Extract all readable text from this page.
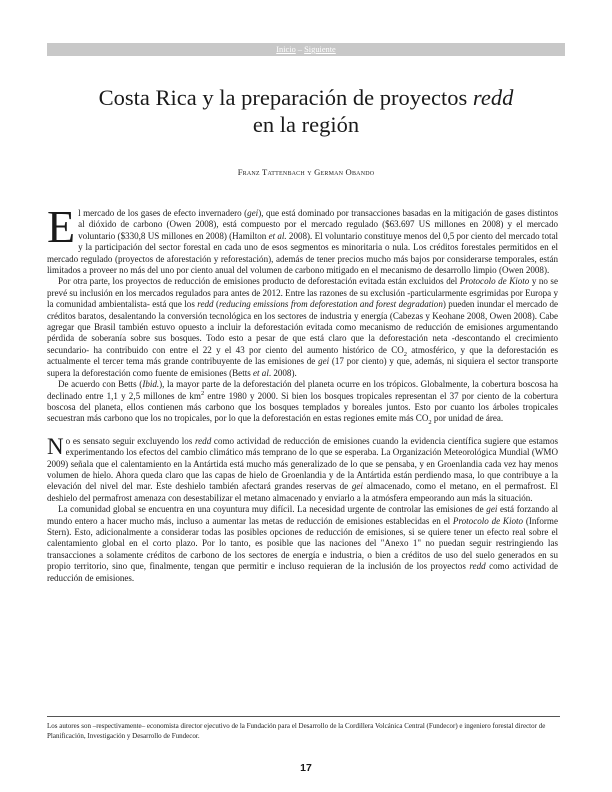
Inicio – Siguiente
Costa Rica y la preparación de proyectos redd
en la región
Franz Tattenbach y German Obando

El mercado de los gases de efecto invernadero (gei), que está dominado por transacciones basadas en la mitigación de gases distintos al dióxido de carbono (Owen 2008), está compuesto por el mercado regulado ($63.697 US millones en 2008) y el mercado voluntario ($330,8 US millones en 2008) (Hamilton et al. 2008). El voluntario constituye menos del 0,5 por ciento del mercado total y la participación del sector forestal en cada uno de esos segmentos es minoritaria o nula. Los créditos forestales permitidos en el mercado regulado (proyectos de aforestación y reforestación), además de tener precios mucho más bajos por considerarse temporales, están limitados a proveer no más del uno por ciento anual del volumen de carbono mitigado en el mecanismo de desarrollo limpio (Owen 2008).

Por otra parte, los proyectos de reducción de emisiones producto de deforestación evitada están excluidos del Protocolo de Kioto y no se prevé su inclusión en los mercados regulados para antes de 2012. Entre las razones de su exclusión -particularmente esgrimidas por Europa y la comunidad ambientalista- está que los redd (reducing emissions from deforestation and forest degradation) pueden inundar el mercado de créditos baratos, desalentando la conversión tecnológica en los sectores de industria y energía (Cabezas y Keohane 2008, Owen 2008). Cabe agregar que Brasil también estuvo opuesto a incluir la deforestación evitada como mecanismo de reducción de emisiones argumentando pérdida de soberanía sobre sus bosques. Todo esto a pesar de que está claro que la deforestación neta -descontando el crecimiento secundario- ha contribuido con entre el 22 y el 43 por ciento del aumento histórico de $CO_2$ atmosférico, y que la deforestación es actualmente el tercer tema más grande contribuyente de las emisiones de gei (17 por ciento) y que, además, ni siquiera el sector transporte supera la deforestación como fuente de emisiones (Betts et al. 2008).

De acuerdo con Betts (Ibid.), la mayor parte de la deforestación del planeta ocurre en los trópicos. Globalmente, la cobertura boscosa ha declinado entre 1,1 y 2,5 millones de $km^2$ entre 1980 y 2000. Si bien los bosques tropicales representan el 37 por ciento de la cobertura boscosa del planeta, ellos contienen más carbono que los bosques templados y boreales juntos. Esto por cuanto los árboles tropicales secuestran más carbono que los no tropicales, por lo que la deforestación en estas regiones emite más $CO_2$ por unidad de área.

No es sensato seguir excluyendo los redd como actividad de reducción de emisiones cuando la evidencia científica sugiere que estamos experimentando los efectos del cambio climático más temprano de lo que se esperaba. La Organización Meteorológica Mundial (WMO 2009) señala que el calentamiento en la Antártida está mucho más generalizado de lo que se pensaba, y en Groenlandia cada vez hay menos volumen de hielo. Ahora queda claro que las capas de hielo de Groenlandia y de la Antártida están perdiendo masa, lo que contribuye a la elevación del nivel del mar. Este deshielo también afectará grandes reservas de gei almacenado, como el metano, en el permafrost. El deshielo del permafrost amenaza con desestabilizar el metano almacenado y enviarlo a la atmósfera empeorando aun más la situación.

La comunidad global se encuentra en una coyuntura muy difícil. La necesidad urgente de controlar las emisiones de gei está forzando al mundo entero a hacer mucho más, incluso a aumentar las metas de reducción de emisiones establecidas en el Protocolo de Kioto (Informe Stern). Esto, adicionalmente a considerar todas las posibles opciones de reducción de emisiones, si se quiere tener un efecto real sobre el calentamiento global en el corto plazo. Por lo tanto, es posible que las naciones del "Anexo 1" no puedan seguir restringiendo las transacciones a solamente créditos de carbono de los sectores de energía e industria, o bien a créditos de uso del suelo generados en su propio territorio, sino que, finalmente, tengan que permitir e incluso requieran de la inclusión de los proyectos redd como actividad de reducción de emisiones.

Los autores son –respectivamente– economista director ejecutivo de la Fundación para el Desarrollo de la Cordillera Volcánica Central (Fundecor) e ingeniero forestal director de Planificación, Investigación y Desarrollo de Fundecor.
17
